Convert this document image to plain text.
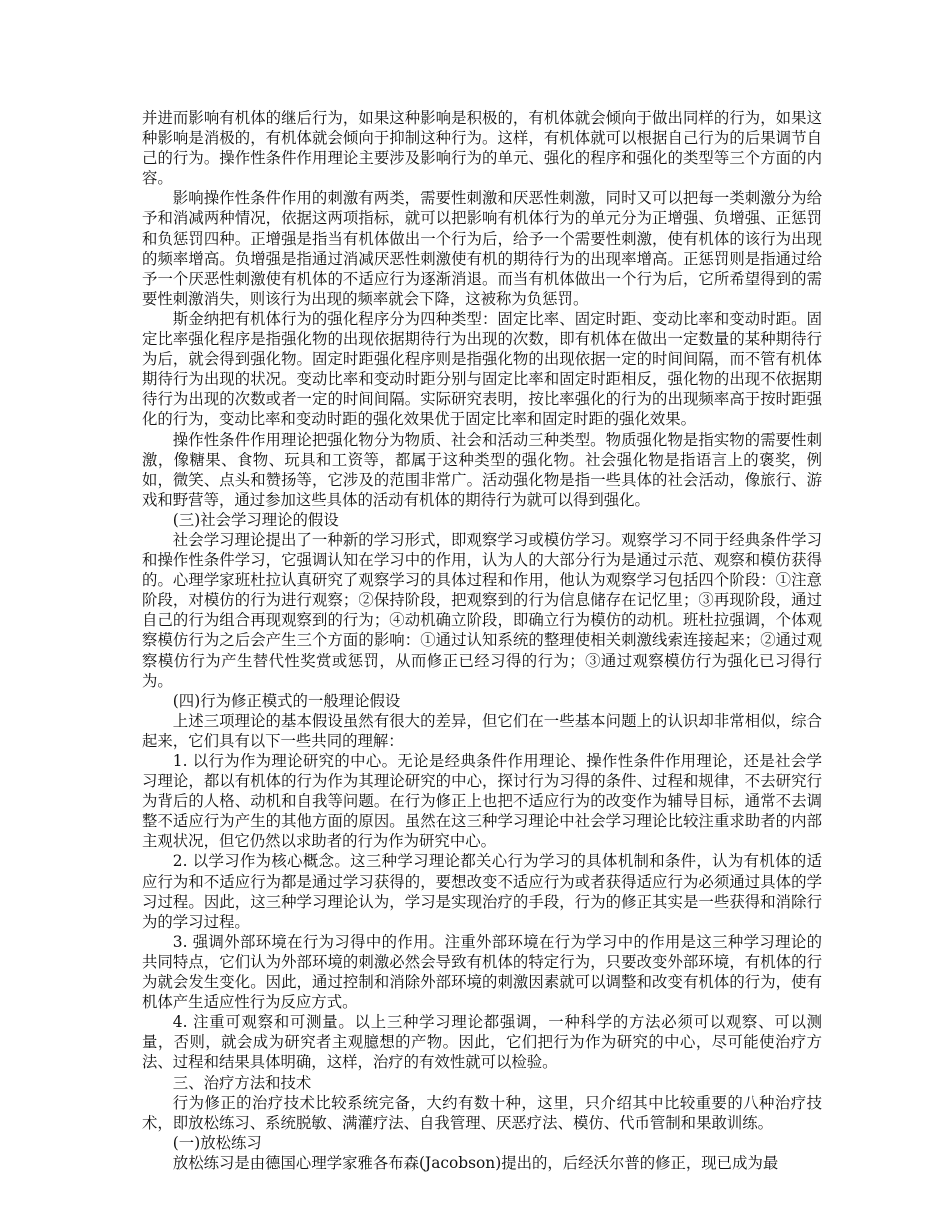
并进而影响有机体的继后行为，如果这种影响是积极的，有机体就会倾向于做出同样的行为，如果这种影响是消极的，有机体就会倾向于抑制这种行为。这样，有机体就可以根据自己行为的后果调节自己的行为。操作性条件作用理论主要涉及影响行为的单元、强化的程序和强化的类型等三个方面的内容。

影响操作性条件作用的刺激有两类，需要性刺激和厌恶性刺激，同时又可以把每一类刺激分为给予和消减两种情况，依据这两项指标，就可以把影响有机体行为的单元分为正增强、负增强、正惩罚和负惩罚四种。正增强是指当有机体做出一个行为后，给予一个需要性刺激，使有机体的该行为出现的频率增高。负增强是指通过消减厌恶性刺激使有机的期待行为的出现率增高。正惩罚则是指通过给予一个厌恶性刺激使有机体的不适应行为逐渐消退。而当有机体做出一个行为后，它所希望得到的需要性刺激消失，则该行为出现的频率就会下降，这被称为负惩罚。

斯金纳把有机体行为的强化程序分为四种类型：固定比率、固定时距、变动比率和变动时距。固定比率强化程序是指强化物的出现依据期待行为出现的次数，即有机体在做出一定数量的某种期待行为后，就会得到强化物。固定时距强化程序则是指强化物的出现依据一定的时间间隔，而不管有机体期待行为出现的状况。变动比率和变动时距分别与固定比率和固定时距相反，强化物的出现不依据期待行为出现的次数或者一定的时间间隔。实际研究表明，按比率强化的行为的出现频率高于按时距强化的行为，变动比率和变动时距的强化效果优于固定比率和固定时距的强化效果。

操作性条件作用理论把强化物分为物质、社会和活动三种类型。物质强化物是指实物的需要性刺激，像糖果、食物、玩具和工资等，都属于这种类型的强化物。社会强化物是指语言上的褒奖，例如，微笑、点头和赞扬等，它涉及的范围非常广。活动强化物是指一些具体的社会活动，像旅行、游戏和野营等，通过参加这些具体的活动有机体的期待行为就可以得到强化。

(三)社会学习理论的假设

社会学习理论提出了一种新的学习形式，即观察学习或模仿学习。观察学习不同于经典条件学习和操作性条件学习，它强调认知在学习中的作用，认为人的大部分行为是通过示范、观察和模仿获得的。心理学家班杜拉认真研究了观察学习的具体过程和作用，他认为观察学习包括四个阶段：①注意阶段，对模仿的行为进行观察；②保持阶段，把观察到的行为信息储存在记忆里；③再现阶段，通过自己的行为组合再现观察到的行为；④动机确立阶段，即确立行为模仿的动机。班杜拉强调，个体观察模仿行为之后会产生三个方面的影响：①通过认知系统的整理使相关刺激线索连接起来；②通过观察模仿行为产生替代性奖赏或惩罚，从而修正已经习得的行为；③通过观察模仿行为强化已习得行为。

(四)行为修正模式的一般理论假设

上述三项理论的基本假设虽然有很大的差异，但它们在一些基本问题上的认识却非常相似，综合起来，它们具有以下一些共同的理解：

1. 以行为作为理论研究的中心。无论是经典条件作用理论、操作性条件作用理论，还是社会学习理论，都以有机体的行为作为其理论研究的中心，探讨行为习得的条件、过程和规律，不去研究行为背后的人格、动机和自我等问题。在行为修正上也把不适应行为的改变作为辅导目标，通常不去调整不适应行为产生的其他方面的原因。虽然在这三种学习理论中社会学习理论比较注重求助者的内部主观状况，但它仍然以求助者的行为作为研究中心。

2. 以学习作为核心概念。这三种学习理论都关心行为学习的具体机制和条件，认为有机体的适应行为和不适应行为都是通过学习获得的，要想改变不适应行为或者获得适应行为必须通过具体的学习过程。因此，这三种学习理论认为，学习是实现治疗的手段，行为的修正其实是一些获得和消除行为的学习过程。

3. 强调外部环境在行为习得中的作用。注重外部环境在行为学习中的作用是这三种学习理论的共同特点，它们认为外部环境的刺激必然会导致有机体的特定行为，只要改变外部环境，有机体的行为就会发生变化。因此，通过控制和消除外部环境的刺激因素就可以调整和改变有机体的行为，使有机体产生适应性行为反应方式。

4. 注重可观察和可测量。以上三种学习理论都强调，一种科学的方法必须可以观察、可以测量，否则，就会成为研究者主观臆想的产物。因此，它们把行为作为研究的中心，尽可能使治疗方法、过程和结果具体明确，这样，治疗的有效性就可以检验。

三、治疗方法和技术

行为修正的治疗技术比较系统完备，大约有数十种，这里，只介绍其中比较重要的八种治疗技术，即放松练习、系统脱敏、满灌疗法、自我管理、厌恶疗法、模仿、代币管制和果敢训练。

(一)放松练习

放松练习是由德国心理学家雅各布森(Jacobson)提出的，后经沃尔普的修正，现已成为最
